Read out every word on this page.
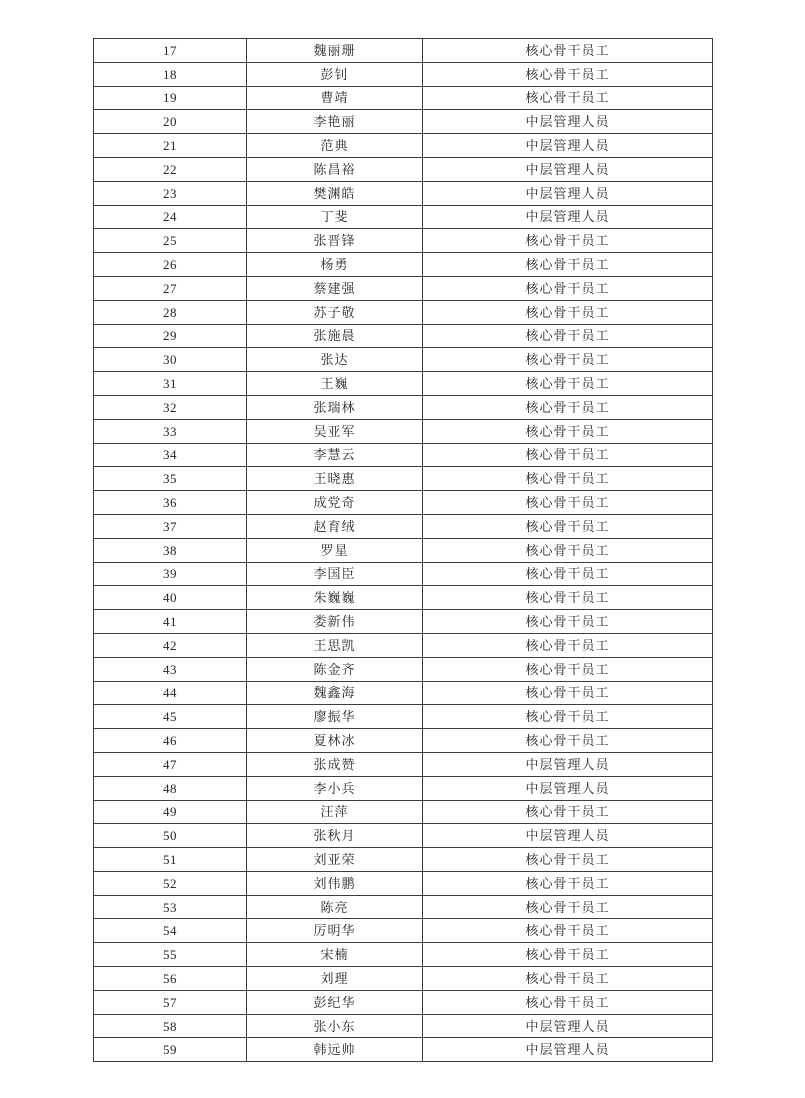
17	魏丽珊	核心骨干员工
18	彭钊	核心骨干员工
19	曹靖	核心骨干员工
20	李艳丽	中层管理人员
21	范典	中层管理人员
22	陈昌裕	中层管理人员
23	樊渊皓	中层管理人员
24	丁斐	中层管理人员
25	张晋锋	核心骨干员工
26	杨勇	核心骨干员工
27	蔡建强	核心骨干员工
28	苏子敬	核心骨干员工
29	张施晨	核心骨干员工
30	张达	核心骨干员工
31	王巍	核心骨干员工
32	张瑞林	核心骨干员工
33	吴亚军	核心骨干员工
34	李慧云	核心骨干员工
35	王晓惠	核心骨干员工
36	成党奇	核心骨干员工
37	赵育绒	核心骨干员工
38	罗星	核心骨干员工
39	李国臣	核心骨干员工
40	朱巍巍	核心骨干员工
41	娄新伟	核心骨干员工
42	王思凯	核心骨干员工
43	陈金齐	核心骨干员工
44	魏鑫海	核心骨干员工
45	廖振华	核心骨干员工
46	夏林冰	核心骨干员工
47	张成赞	中层管理人员
48	李小兵	中层管理人员
49	汪萍	核心骨干员工
50	张秋月	中层管理人员
51	刘亚荣	核心骨干员工
52	刘伟鹏	核心骨干员工
53	陈亮	核心骨干员工
54	厉明华	核心骨干员工
55	宋楠	核心骨干员工
56	刘理	核心骨干员工
57	彭纪华	核心骨干员工
58	张小东	中层管理人员
59	韩远帅	中层管理人员
